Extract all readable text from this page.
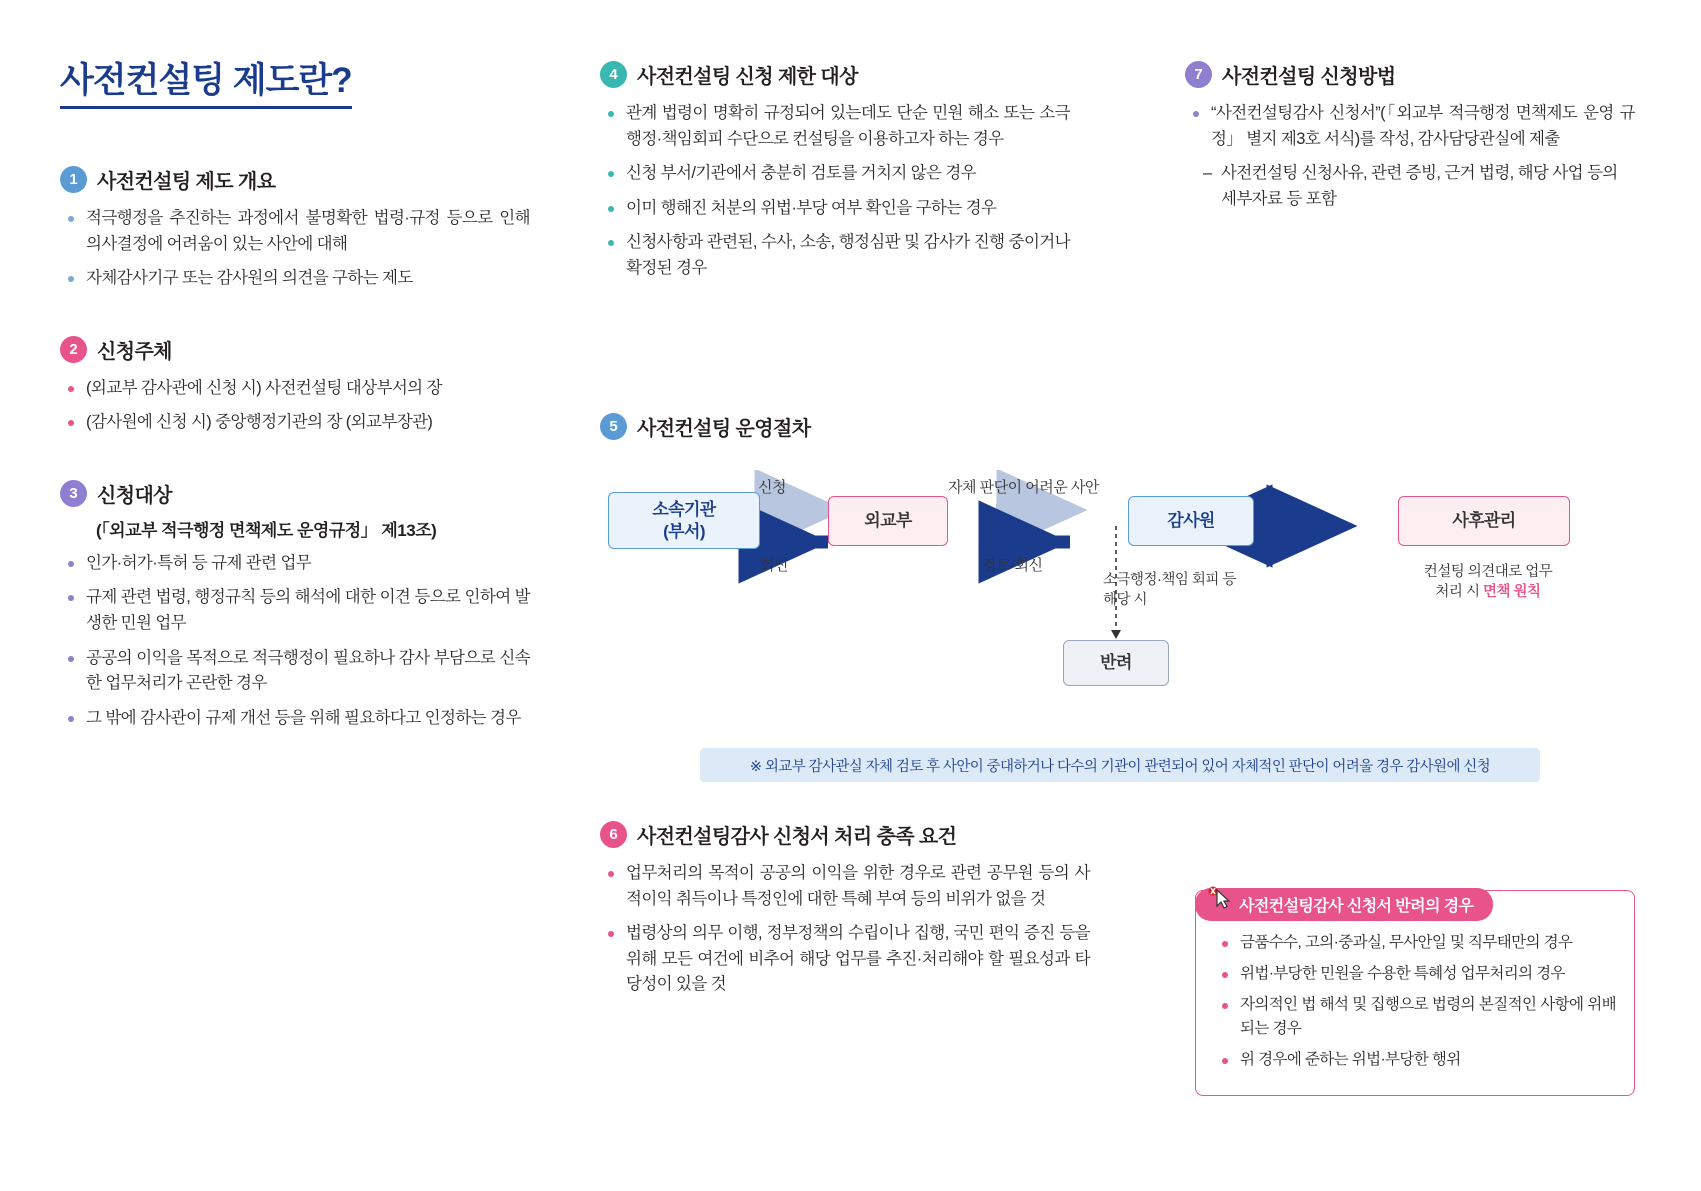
사전컨설팅 제도란?
1 사전컨설팅 제도 개요
적극행정을 추진하는 과정에서 불명확한 법령·규정 등으로 인해 의사결정에 어려움이 있는 사안에 대해
자체감사기구 또는 감사원의 의견을 구하는 제도
2 신청주체
(외교부 감사관에 신청 시) 사전컨설팅 대상부서의 장
(감사원에 신청 시) 중앙행정기관의 장 (외교부장관)
3 신청대상
(「외교부 적극행정 면책제도 운영규정」 제13조)
인가·허가·특허 등 규제 관련 업무
규제 관련 법령, 행정규칙 등의 해석에 대한 이견 등으로 인하여 발생한 민원 업무
공공의 이익을 목적으로 적극행정이 필요하나 감사 부담으로 신속한 업무처리가 곤란한 경우
그 밖에 감사관이 규제 개선 등을 위해 필요하다고 인정하는 경우
4 사전컨설팅 신청 제한 대상
관계 법령이 명확히 규정되어 있는데도 단순 민원 해소 또는 소극행정·책임회피 수단으로 컨설팅을 이용하고자 하는 경우
신청 부서/기관에서 충분히 검토를 거치지 않은 경우
이미 행해진 처분의 위법·부당 여부 확인을 구하는 경우
신청사항과 관련된, 수사, 소송, 행정심판 및 감사가 진행 중이거나 확정된 경우
7 사전컨설팅 신청방법
“사전컨설팅감사 신청서”(「외교부 적극행정 면책제도 운영 규정」 별지 제3호 서식)를 작성, 감사담당관실에 제출
– 사전컨설팅 신청사유, 관련 증빙, 근거 법령, 해당 사업 등의 세부자료 등 포함
5 사전컨설팅 운영절차
소속기관
(부서)
외교부	감사원	사후관리
반려
신청
회신
자체 판단이 어려운 사안
검토·회신
소극행정·책임 회피 등
해당 시
컨설팅 의견대로 업무
처리 시 면책 원칙
※ 외교부 감사관실 자체 검토 후 사안이 중대하거나 다수의 기관이 관련되어 있어 자체적인 판단이 어려울 경우 감사원에 신청
6 사전컨설팅감사 신청서 처리 충족 요건
업무처리의 목적이 공공의 이익을 위한 경우로 관련 공무원 등의 사적이익 취득이나 특정인에 대한 특혜 부여 등의 비위가 없을 것
법령상의 의무 이행, 정부정책의 수립이나 집행, 국민 편익 증진 등을 위해 모든 여건에 비추어 해당 업무를 추진·처리해야 할 필요성과 타당성이 있을 것
금품수수, 고의·중과실, 무사안일 및 직무태만의 경우
위법·부당한 민원을 수용한 특혜성 업무처리의 경우
자의적인 법 해석 및 집행으로 법령의 본질적인 사항에 위배되는 경우
위 경우에 준하는 위법·부당한 행위
사전컨설팅감사 신청서 반려의 경우
